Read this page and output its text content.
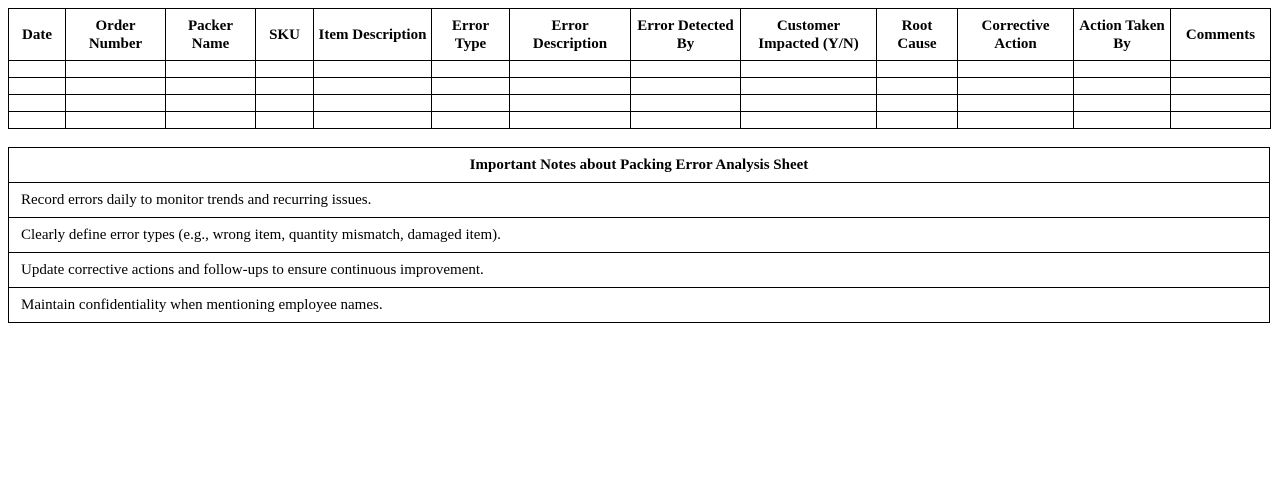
Date	Order Number	Packer Name	SKU	Item Description	Error Type	Error Description	Error Detected By	Customer Impacted (Y/N)	Root Cause	Corrective Action	Action Taken By	Comments

Important Notes about Packing Error Analysis Sheet
Record errors daily to monitor trends and recurring issues.
Clearly define error types (e.g., wrong item, quantity mismatch, damaged item).
Update corrective actions and follow-ups to ensure continuous improvement.
Maintain confidentiality when mentioning employee names.
